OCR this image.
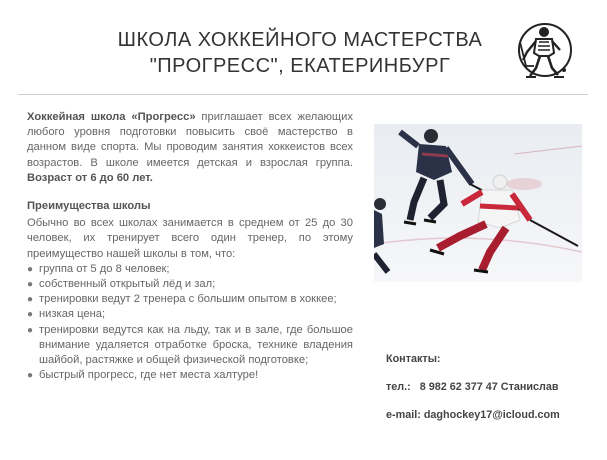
ШКОЛА ХОККЕЙНОГО МАСТЕРСТВА
"ПРОГРЕСС", ЕКАТЕРИНБУРГ

Хоккейная школа «Прогресс» приглашает всех желающих любого уровня подготовки повысить своё мастерство в данном виде спорта. Мы проводим занятия хоккеистов всех возрастов. В школе имеется детская и взрослая группа. Возраст от 6 до 60 лет.

Преимущества школы

Обычно во всех школах занимается в среднем от 25 до 30 человек, их тренирует всего один тренер, по этому преимущество нашей школы в том, что:

● группа от 5 до 8 человек;
● собственный открытый лёд и зал;
● тренировки ведут 2 тренера с большим опытом в хоккее;
● низкая цена;
● тренировки ведутся как на льду, так и в зале, где большое внимание удаляется отработке броска, технике владения шайбой, растяжке и общей физической подготовке;
● быстрый прогресс, где нет места халтуре!
Контакты:
тел.: 8 982 62 377 47 Станислав
e-mail: daghockey17@icloud.com
